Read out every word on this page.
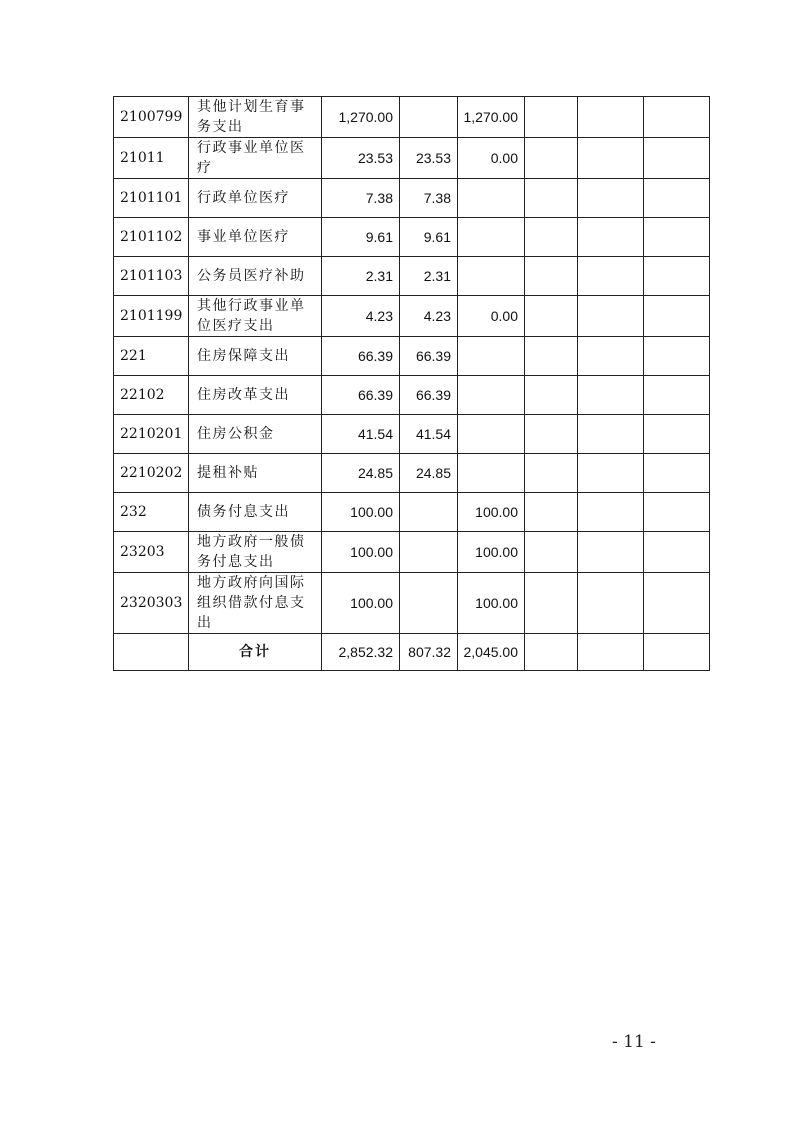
2100799	其他计划生育事务支出	1,270.00		1,270.00			
21011	行政事业单位医疗	23.53	23.53	0.00			
2101101	行政单位医疗	7.38	7.38				
2101102	事业单位医疗	9.61	9.61				
2101103	公务员医疗补助	2.31	2.31				
2101199	其他行政事业单位医疗支出	4.23	4.23	0.00			
221	住房保障支出	66.39	66.39				
22102	住房改革支出	66.39	66.39				
2210201	住房公积金	41.54	41.54				
2210202	提租补贴	24.85	24.85				
232	债务付息支出	100.00		100.00			
23203	地方政府一般债务付息支出	100.00		100.00			
2320303	地方政府向国际组织借款付息支出	100.00		100.00			
	合计	2,852.32	807.32	2,045.00			
- 11 -
